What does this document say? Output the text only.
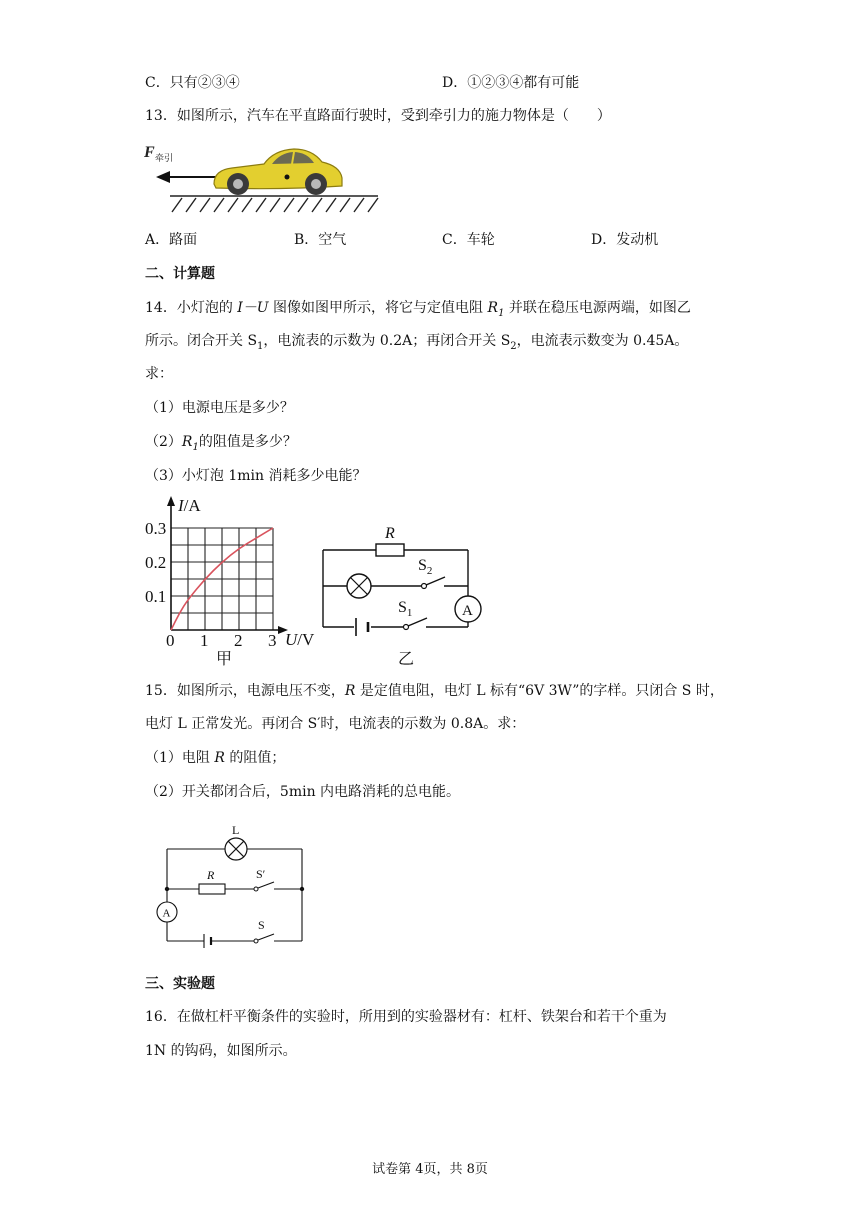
C．只有②③④	D．①②③④都有可能
13．如图所示，汽车在平直路面行驶时，受到牵引力的施力物体是（　　）
F 牵引
A．路面	B．空气	C．车轮	D．发动机
二、计算题
14．小灯泡的 I－U 图像如图甲所示，将它与定值电阻 $R_1$ 并联在稳压电源两端，如图乙
所示。闭合开关 $S_1$，电流表的示数为 0.2A；再闭合开关 $S_2$，电流表示数变为 0.45A。
求：
（1）电源电压是多少？
$(2)R_1$的阻值是多少？
（3）小灯泡 1min 消耗多少电能？
0.3
0.2
0.1
0 1 2 3
I/A
U/V
甲
R
$S_2$
A
$S_1$
乙
15．如图所示，电源电压不变，R 是定值电阻，电灯 L 标有“6V 3W”的字样。只闭合 S 时，
电灯 L 正常发光。再闭合 S′时，电流表的示数为 0.8A。求：
（1）电阻 R 的阻值；
（2）开关都闭合后，5min 内电路消耗的总电能。
L
R	S′
A
S
三、实验题
16．在做杠杆平衡条件的实验时，所用到的实验器材有：杠杆、铁架台和若干个重为
1N 的钩码，如图所示。
试卷第 4页，共 8页
